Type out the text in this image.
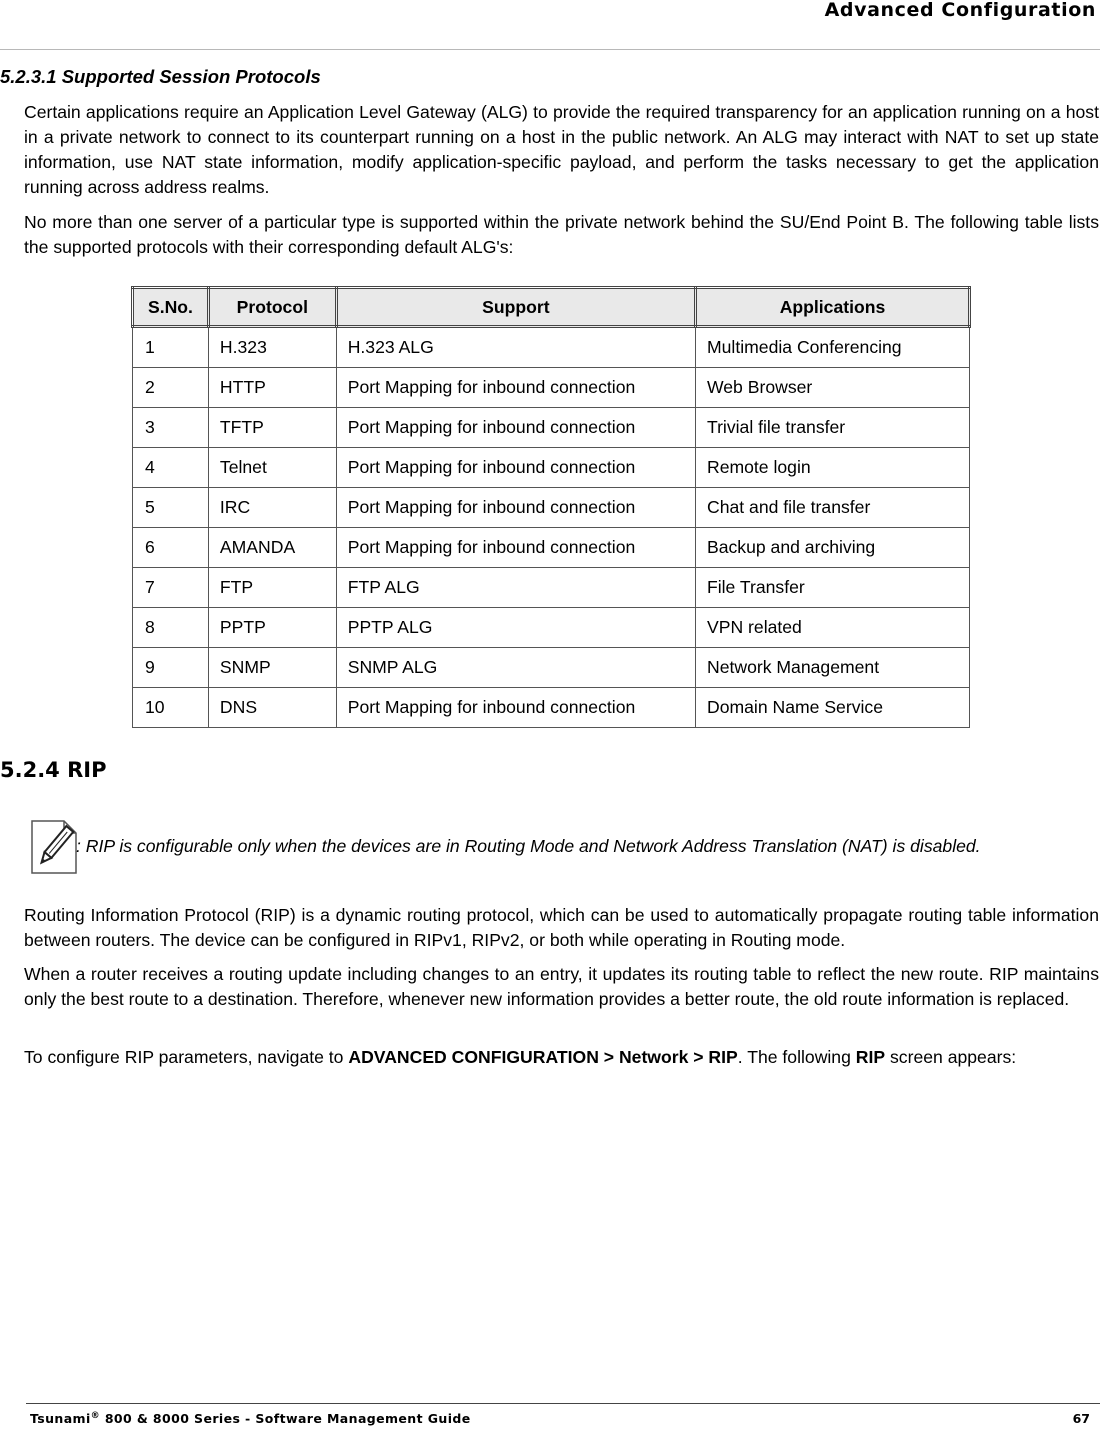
Advanced Configuration
5.2.3.1 Supported Session Protocols

Certain applications require an Application Level Gateway (ALG) to provide the required transparency for an application running on a host in a private network to connect to its counterpart running on a host in the public network. An ALG may interact with NAT to set up state information, use NAT state information, modify application-specific payload, and perform the tasks necessary to get the application running across address realms.

No more than one server of a particular type is supported within the private network behind the SU/End Point B. The following table lists the supported protocols with their corresponding default ALG's:

S.No.	Protocol	Support	Applications
1	H.323	H.323 ALG	Multimedia Conferencing
2	HTTP	Port Mapping for inbound connection	Web Browser
3	TFTP	Port Mapping for inbound connection	Trivial file transfer
4	Telnet	Port Mapping for inbound connection	Remote login
5	IRC	Port Mapping for inbound connection	Chat and file transfer
6	AMANDA	Port Mapping for inbound connection	Backup and archiving
7	FTP	FTP ALG	File Transfer
8	PPTP	PPTP ALG	VPN related
9	SNMP	SNMP ALG	Network Management
10	DNS	Port Mapping for inbound connection	Domain Name Service
5.2.4 RIP
: RIP is configurable only when the devices are in Routing Mode and Network Address Translation (NAT) is disabled.

Routing Information Protocol (RIP) is a dynamic routing protocol, which can be used to automatically propagate routing table information between routers. The device can be configured in RIPv1, RIPv2, or both while operating in Routing mode.

When a router receives a routing update including changes to an entry, it updates its routing table to reflect the new route. RIP maintains only the best route to a destination. Therefore, whenever new information provides a better route, the old route information is replaced.

To configure RIP parameters, navigate to ADVANCED CONFIGURATION > Network > RIP. The following RIP screen appears:

Tsunami® 800 & 8000 Series - Software Management Guide	67
